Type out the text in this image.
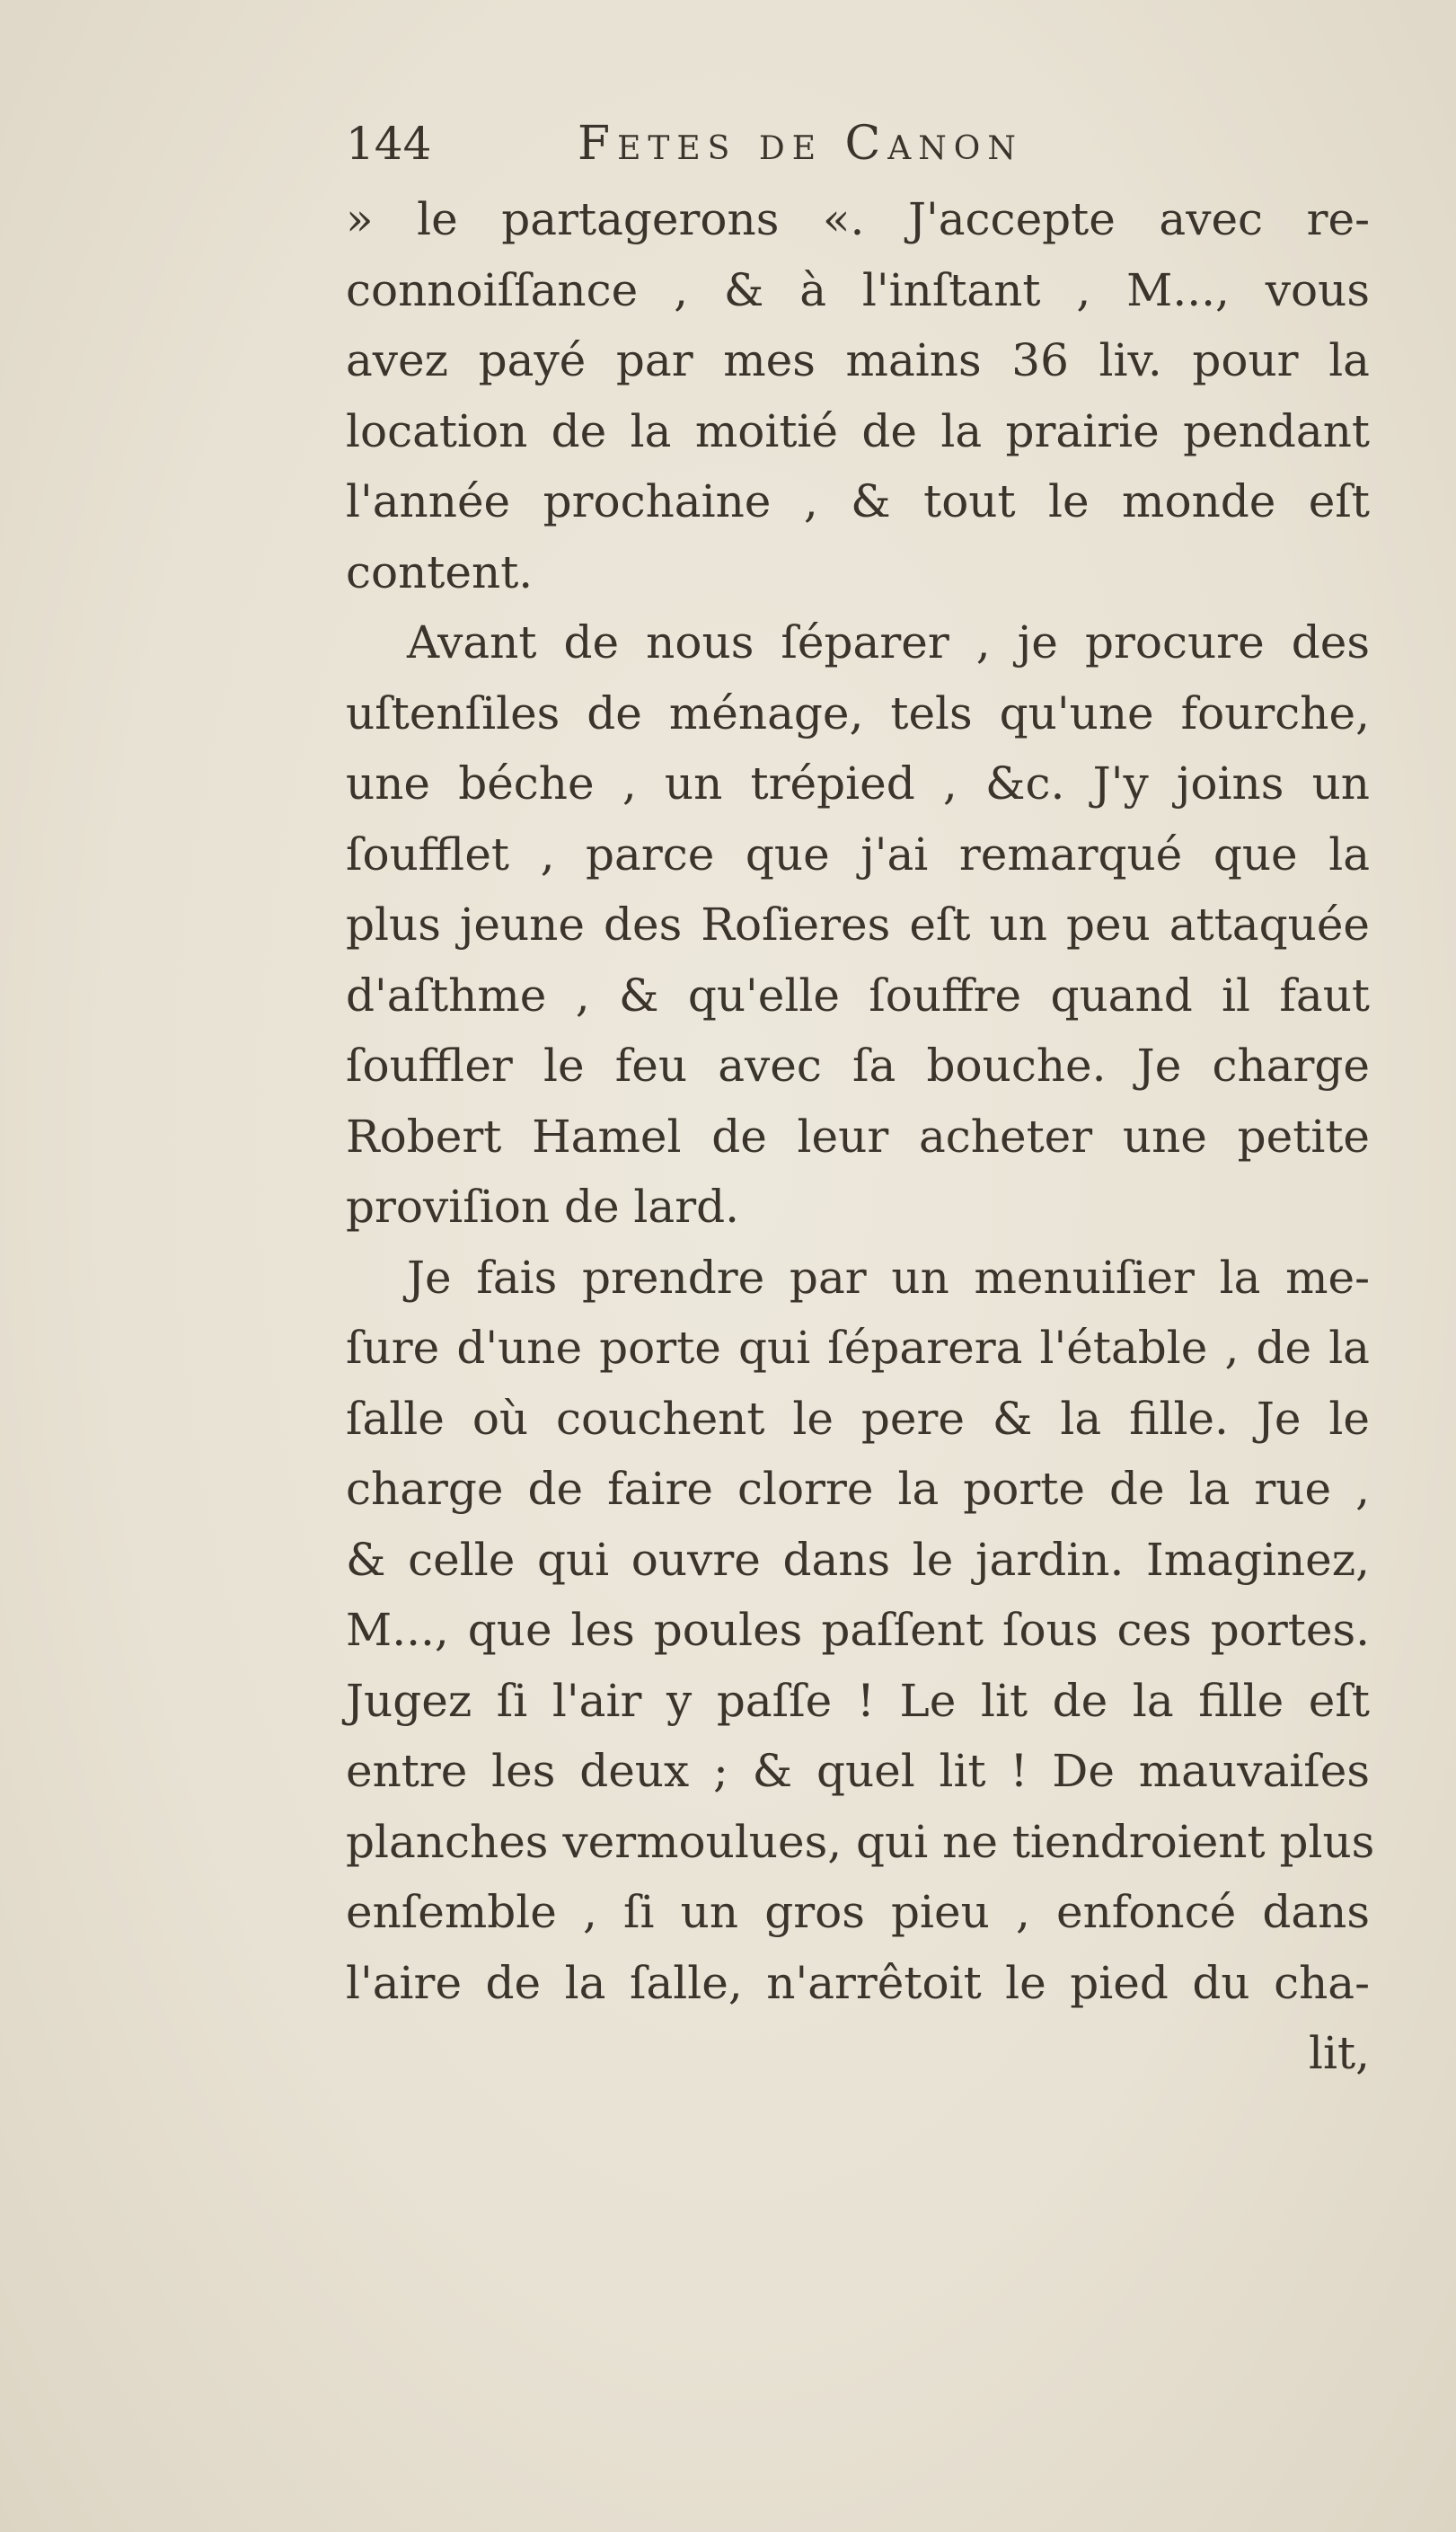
144	Fetes de Canon
» le partagerons «. J'accepte avec re-
connoiſſance , & à l'inſtant , M..., vous
avez payé par mes mains 36 liv. pour la
location de la moitié de la prairie pendant
l'année prochaine , & tout le monde eſt
content.
Avant de nous ſéparer , je procure des
uſtenſiles de ménage, tels qu'une fourche,
une béche , un trépied , &c. J'y joins un
ſoufflet , parce que j'ai remarqué que la
plus jeune des Roſieres eſt un peu attaquée
d'aſthme , & qu'elle ſouffre quand il faut
ſouffler le feu avec ſa bouche. Je charge
Robert Hamel de leur acheter une petite
proviſion de lard.
Je fais prendre par un menuiſier la me-
ſure d'une porte qui ſéparera l'étable , de la
ſalle où couchent le pere & la fille. Je le
charge de faire clorre la porte de la rue ,
& celle qui ouvre dans le jardin. Imaginez,
M..., que les poules paſſent ſous ces portes.
Jugez ſi l'air y paſſe ! Le lit de la fille eſt
entre les deux ; & quel lit ! De mauvaiſes
planches vermoulues, qui ne tiendroient plus
enſemble , ſi un gros pieu , enfoncé dans
l'aire de la ſalle, n'arrêtoit le pied du cha-
lit,
